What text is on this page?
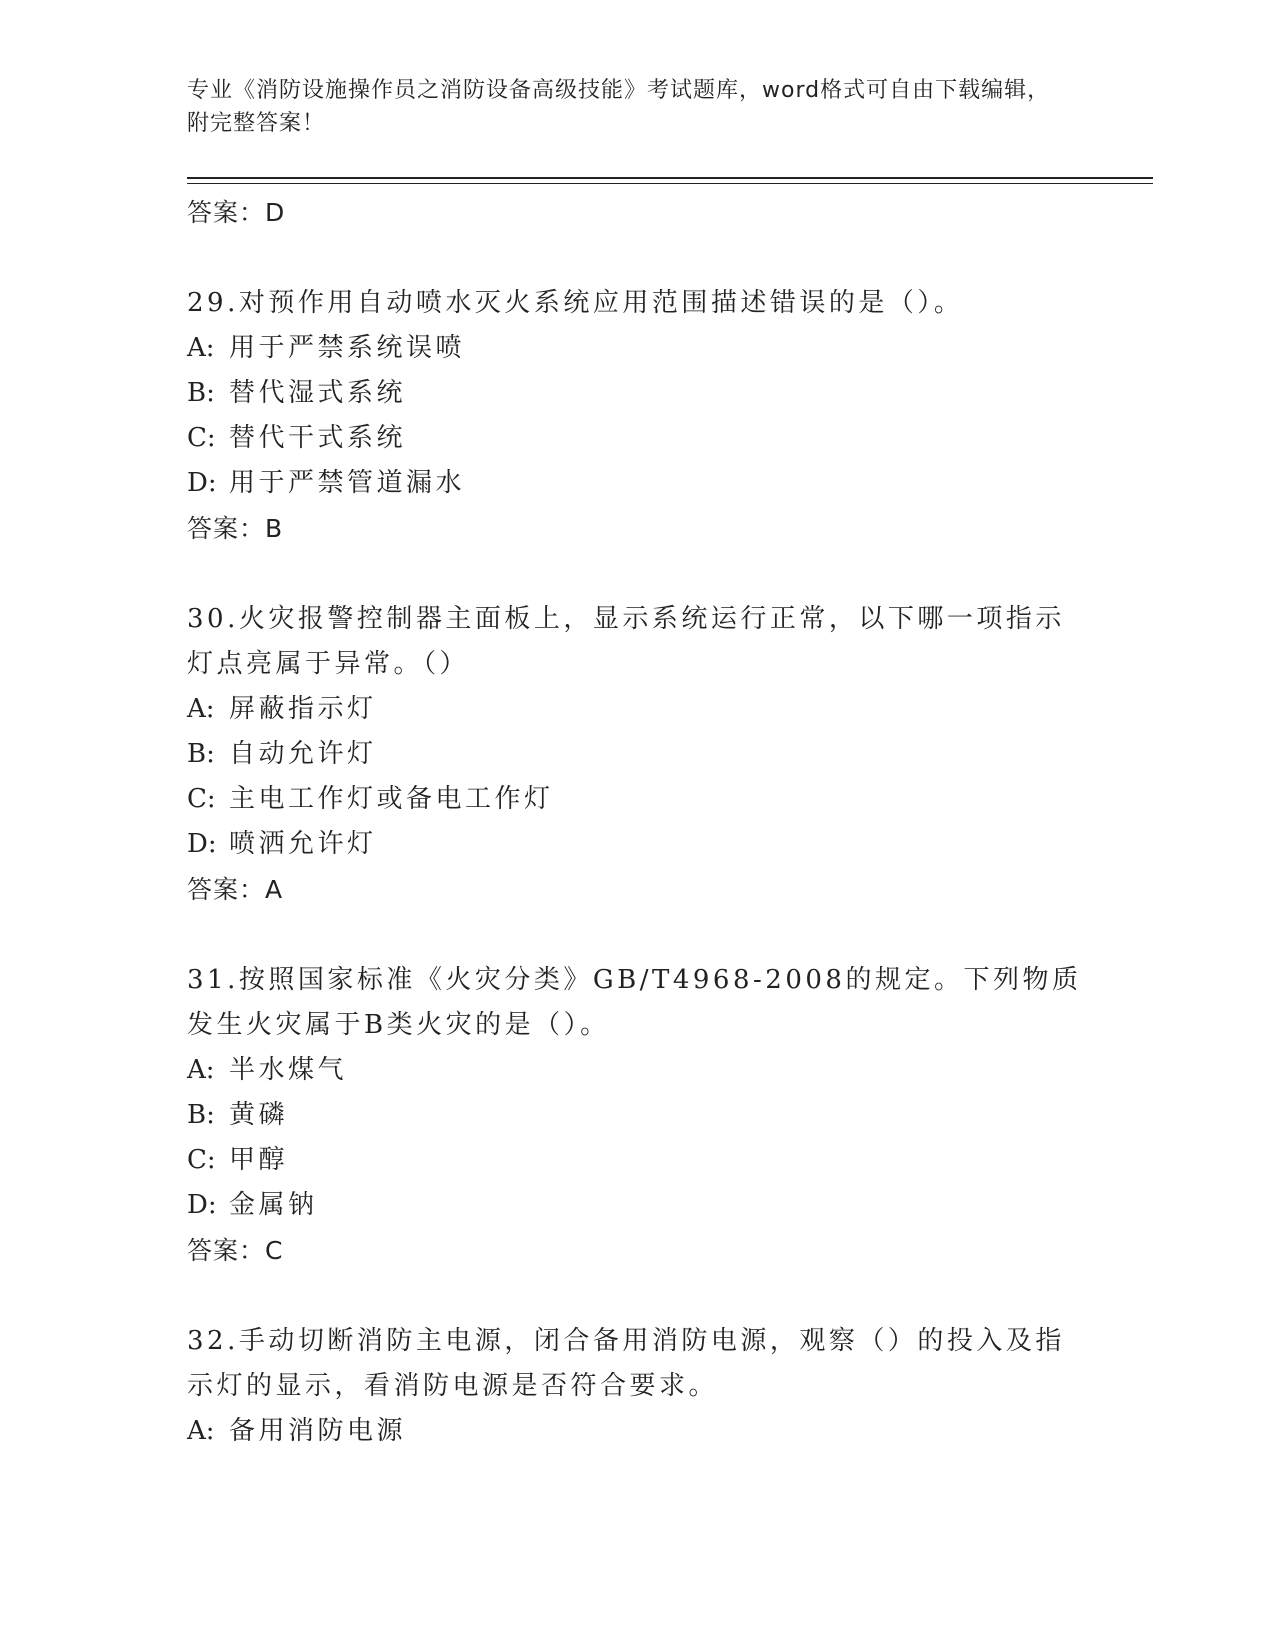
专业《消防设施操作员之消防设备高级技能》考试题库，word格式可自由下载编辑，附完整答案！
答案：D
29.对预作用自动喷水灭火系统应用范围描述错误的是（）。
A: 用于严禁系统误喷
B: 替代湿式系统
C: 替代干式系统
D: 用于严禁管道漏水
答案：B
30.火灾报警控制器主面板上，显示系统运行正常，以下哪一项指示灯点亮属于异常。（）
A: 屏蔽指示灯
B: 自动允许灯
C: 主电工作灯或备电工作灯
D: 喷洒允许灯
答案：A
31.按照国家标准《火灾分类》GB/T4968-2008的规定。下列物质发生火灾属于B类火灾的是（）。
A: 半水煤气
B: 黄磷
C: 甲醇
D: 金属钠
答案：C
32.手动切断消防主电源，闭合备用消防电源，观察（）的投入及指示灯的显示，看消防电源是否符合要求。
A: 备用消防电源
